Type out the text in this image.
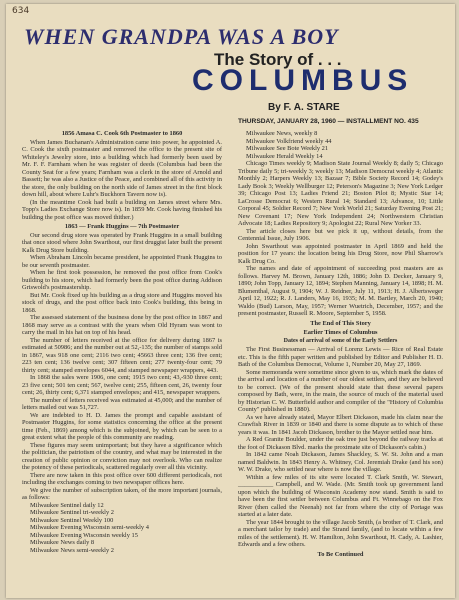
634
WHEN GRANDPA WAS A BOY
The Story of . . .
COLUMBUS
By F. A. STARE
THURSDAY, JANUARY 28, 1960 — INSTALLMENT NO. 435

1856 Amasa C. Cook 6th Postmaster to 1860

When James Buchanan's Administration came into power, he appointed A. C. Cook the sixth postmaster and removed the office to the present site of Whiteley's Jewelry store, into a building which had formerly been used by Mr. F. F. Farnham when he was register of deeds (Columbus had been the County Seat for a few years; Farnham was a clerk in the store of Arnold and Bassett; he was also a Justice of the Peace, and combined all of this activity in the store, the only building on the north side of James street in the first block down hill, about where Luhr's Buckhorn Tavern now is).

(In the meantime Cook had built a building on James street where Mrs. Topp's Ladies Exchange Store now is). In 1859 Mr. Cook having finished his building the post office was moved thither.)

1863 — Frank Huggins — 7th Postmaster

Our second drug store was operated by Frank Huggins in a small building that once stood where John Swarthout, our first druggist later built the present Kalk Drug Store building.

When Abraham Lincoln became president, he appointed Frank Huggins to be our seventh postmaster.

When he first took possession, he removed the post office from Cook's building to his store, which had formerly been the post office during Addison Griswold's postmastership.

But Mr. Cook fixed up his building as a drug store and Huggins moved his stock of drugs, and the post office back into Cook's building, this being in 1868.

The assessed statement of the business done by the post office in 1867 and 1868 may serve as a contrast with the years when Old Hyram was wont to carry the mail in his hat on top of his head.

The number of letters received at the office for delivery during 1867 is estimated at 50986; and the number out at 52,-135; the number of stamps sold in 1867, was 918 one cent; 2116 two cent; 45663 three cent; 136 five cent; 223 ten cent; 136 twelve cent; 307 fifteen cent; 277 twenty-four cent; 79 thirty cent; stamped envelopes 6044, and stamped newspaper wrappers, 443.

In 1868 the sales were 1906, one cent; 1915 two cent; 43,-930 three cent; 23 five cent; 501 ten cent; 567, twelve cent; 255, fifteen cent, 26, twenty four cent; 26, thirty cent; 6,371 stamped envelopes; and 415, newspaper wrappers.

The number of letters received was estimated at 45,000; and the number of letters mailed out was 51,727.

We are indebted to H. D. James the prompt and capable assistant of Postmaster Huggins, for some statistics concerning the office at the present time (Feb., 1869) among which is the subjoined, by which can be seen to a great extent what the people of this community are reading.

These figures may seem unimportant; but they have a significance which the politician, the patriotism of the country, and what may be interested in the creation of public opinion or conviction may not overlook. Who can realize the potency of these periodicals, scattered regularly over all this vicinity.

There are now taken in this post office over 600 different periodicals, not including the exchanges coming to two newspaper offices here.

We give the number of subscription taken, of the more important journals, as follows:

Milwaukee Sentinel daily 12

Milwaukee Sentinel tri-weekly 2

Milwaukee Sentinel Weekly 100

Milwaukee Evening Wisconsin semi-weekly 4

Milwaukee Evening Wisconsin weekly 15

Milwaukee News daily 8

Milwaukee News semi-weekly 2

Milwaukee News, weekly 8

Milwaukee Volkfriend weekly 44

Milwaukee See Bote Weekly 21

Milwaukee Herald Weekly 14

Chicago Times weekly 9; Madison State Journal Weekly 8; daily 5; Chicago Tribune daily 5; tri-weekly 3; weekly 13; Madison Democrat weekly 4; Atlantic Monthly 2; Harpers Weekly 13; Bazaar 7; Bible Society Record 14; Godey's Lady Book 3; Weekly Wellburger 12; Peterson's Magazine 3; New York Ledger 39; Chicago Post 13; Ladies Friend 21; Boston Pilot 8; Mystic Star 14; LaCrosse Democrat 6; Western Rural 14; Standard 13; Advance, 10; Little Corporal 45; Soldier Record 7; New York World 21; Saturday Evening Post 21; New Covenant 17; New York Independent 24; Northwestern Christian Advocate 18; Ladies Repository 9; Apologist 22; Rural New Yorker 33.

The article closes here but we pick it up, without details, from the Centennial Issue, July 1906.

John Swarthout was appointed postmaster in April 1869 and held the position for 17 years: the location being his Drug Store, now Phil Sharrow's Kalk Drug Co.

The names and date of appointment of succeeding post masters are as follows. Harvey M. Brown, January 12th, 1886; John D. Decker, January 9, 1890; John Topp, January 12, 1894; Stephen Manning, January 14, 1898; H. M. Blumenthal, August 9, 1904; W. J. Reidner, July 11, 1913; H. J. Albertsweger April 12, 1922; R. J. Landers, May 16, 1935; M. M. Bartley, March 20, 1940; Waldo (Bud) Larson, May, 1957; Werner Wuetrich, December, 1957; and the present postmaster, Russell R. Moore, September 5, 1958.

The End of This Story

Earlier Times of Columbus

Dates of arrival of some of the Early Settlers

The First Businessman — Arrival of Lorenz Lewis — Rice of Real Estate etc. This is the fifth paper written and published by Editor and Publisher H. D. Bath of the Columbus Democrat, Volume 1, Number 20, May 27, 1869.

Some memoranda were sometime since given to us, which mark the dates of the arrival and location of a number of our oldest settlers, and they are believed to be correct. (We of the present should state that these several papers composed by Bath, were, in the main, the source of much of the material used by Historian C. W. Butterfield author and compiler of the "History of Columbia County" published in 1880).

As we have already stated, Mayor Elbert Dickason, made his claim near the Crawfish River in 1839 or 1840 and there is some dispute as to which of these years it was. In 1841 Jacob Dickason, brother to the Mayor settled near him.

A Red Granite Boulder, under the oak tree just beyond the railway tracks at the foot of Dickason Blvd. marks the proximate site of Dickason's cabin.)

In 1842 came Noah Dickason, James Shackley, S. W. St. John and a man named Baldwin. In 1843 Henry A. Whitney, Col. Jeremiah Drake (and his son) W. W. Drake, who settled near where is now the village.

Within a few miles of its site were located T. Clark Smith, W. Stewart, ___________ Campbell, and W. Wade. (Mr. Smith took up government land upon which the building of Wisconsin Academy now stand. Smith is said to have been the first settler between Columbus and Ft. Winnebago on the Fox River (then called the Neenah) not far from where the city of Portage was started at a later date.

The year 1844 brought to the village Jacob Smith, (a brother of T. Clark, and a merchant tailor by trade) and the Strand family, (and to locate within a few miles of the settlement). H. W. Hamilton, John Swarthout, H. Cady, A. Lashier, Edwards and a few others.

To Be Continued
